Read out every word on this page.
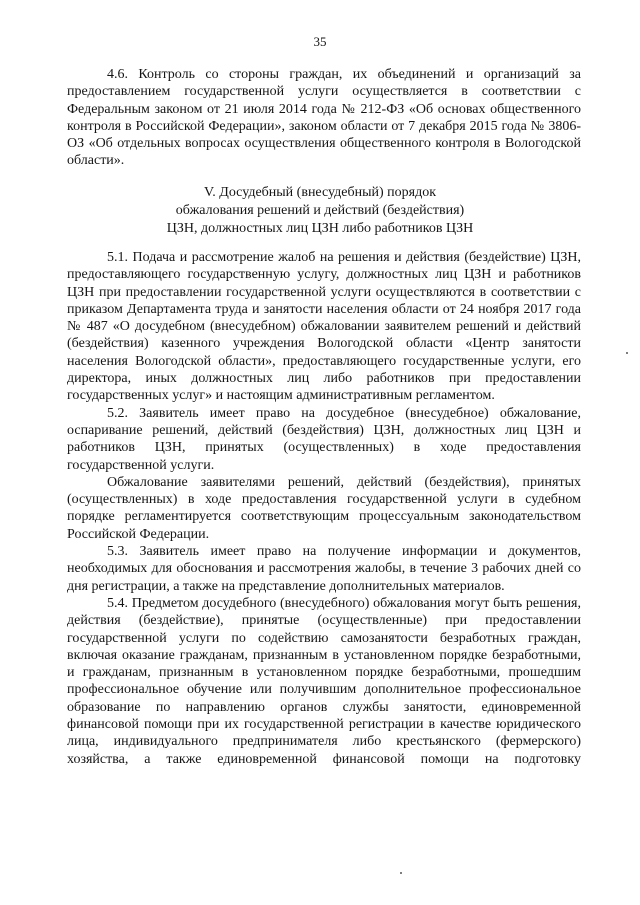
35

4.6. Контроль со стороны граждан, их объединений и организаций за предоставлением государственной услуги осуществляется в соответствии с Федеральным законом от 21 июля 2014 года № 212-ФЗ «Об основах общественного контроля в Российской Федерации», законом области от 7 декабря 2015 года № 3806-ОЗ «Об отдельных вопросах осуществления общественного контроля в Вологодской области».

V. Досудебный (внесудебный) порядок
обжалования решений и действий (бездействия)
ЦЗН, должностных лиц ЦЗН либо работников ЦЗН

5.1. Подача и рассмотрение жалоб на решения и действия (бездействие) ЦЗН, предоставляющего государственную услугу, должностных лиц ЦЗН и работников ЦЗН при предоставлении государственной услуги осуществляются в соответствии с приказом Департамента труда и занятости населения области от 24 ноября 2017 года № 487 «О досудебном (внесудебном) обжаловании заявителем решений и действий (бездействия) казенного учреждения Вологодской области «Центр занятости населения Вологодской области», предоставляющего государственные услуги, его директора, иных должностных лиц либо работников при предоставлении государственных услуг» и настоящим административным регламентом.

5.2. Заявитель имеет право на досудебное (внесудебное) обжалование, оспаривание решений, действий (бездействия) ЦЗН, должностных лиц ЦЗН и работников ЦЗН, принятых (осуществленных) в ходе предоставления государственной услуги.

Обжалование заявителями решений, действий (бездействия), принятых (осуществленных) в ходе предоставления государственной услуги в судебном порядке регламентируется соответствующим процессуальным законодательством Российской Федерации.

5.3. Заявитель имеет право на получение информации и документов, необходимых для обоснования и рассмотрения жалобы, в течение 3 рабочих дней со дня регистрации, а также на представление дополнительных материалов.

5.4. Предметом досудебного (внесудебного) обжалования могут быть решения, действия (бездействие), принятые (осуществленные) при предоставлении государственной услуги по содействию самозанятости безработных граждан, включая оказание гражданам, признанным в установленном порядке безработными, и гражданам, признанным в установленном порядке безработными, прошедшим профессиональное обучение или получившим дополнительное профессиональное образование по направлению органов службы занятости, единовременной финансовой помощи при их государственной регистрации в качестве юридического лица, индивидуального предпринимателя либо крестьянского (фермерского) хозяйства, а также единовременной финансовой помощи на подготовку
